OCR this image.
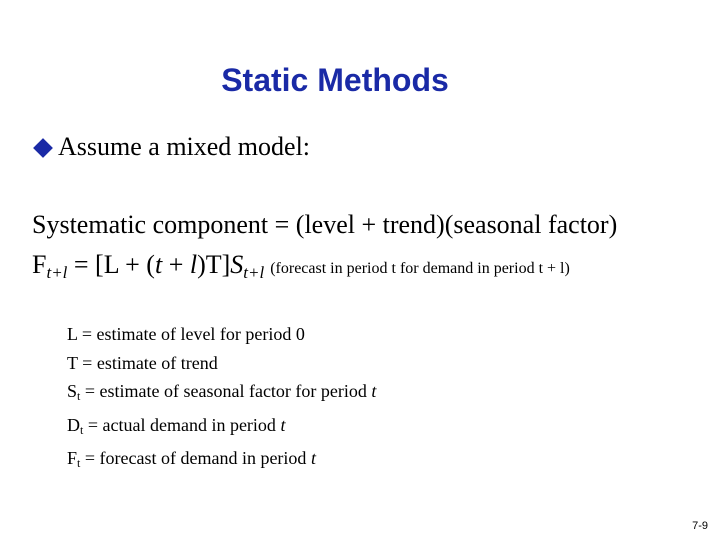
Static Methods
Assume a mixed model:
Systematic component = (level + trend)(seasonal factor)
$F_{t+l} = [L + (t + l)T]S_{t+l}$ (forecast in period t for demand in period t + l)
L = estimate of level for period 0
T = estimate of trend
$S_t$ = estimate of seasonal factor for period t
$D_t$ = actual demand in period t
$F_t$ = forecast of demand in period t
7-9
